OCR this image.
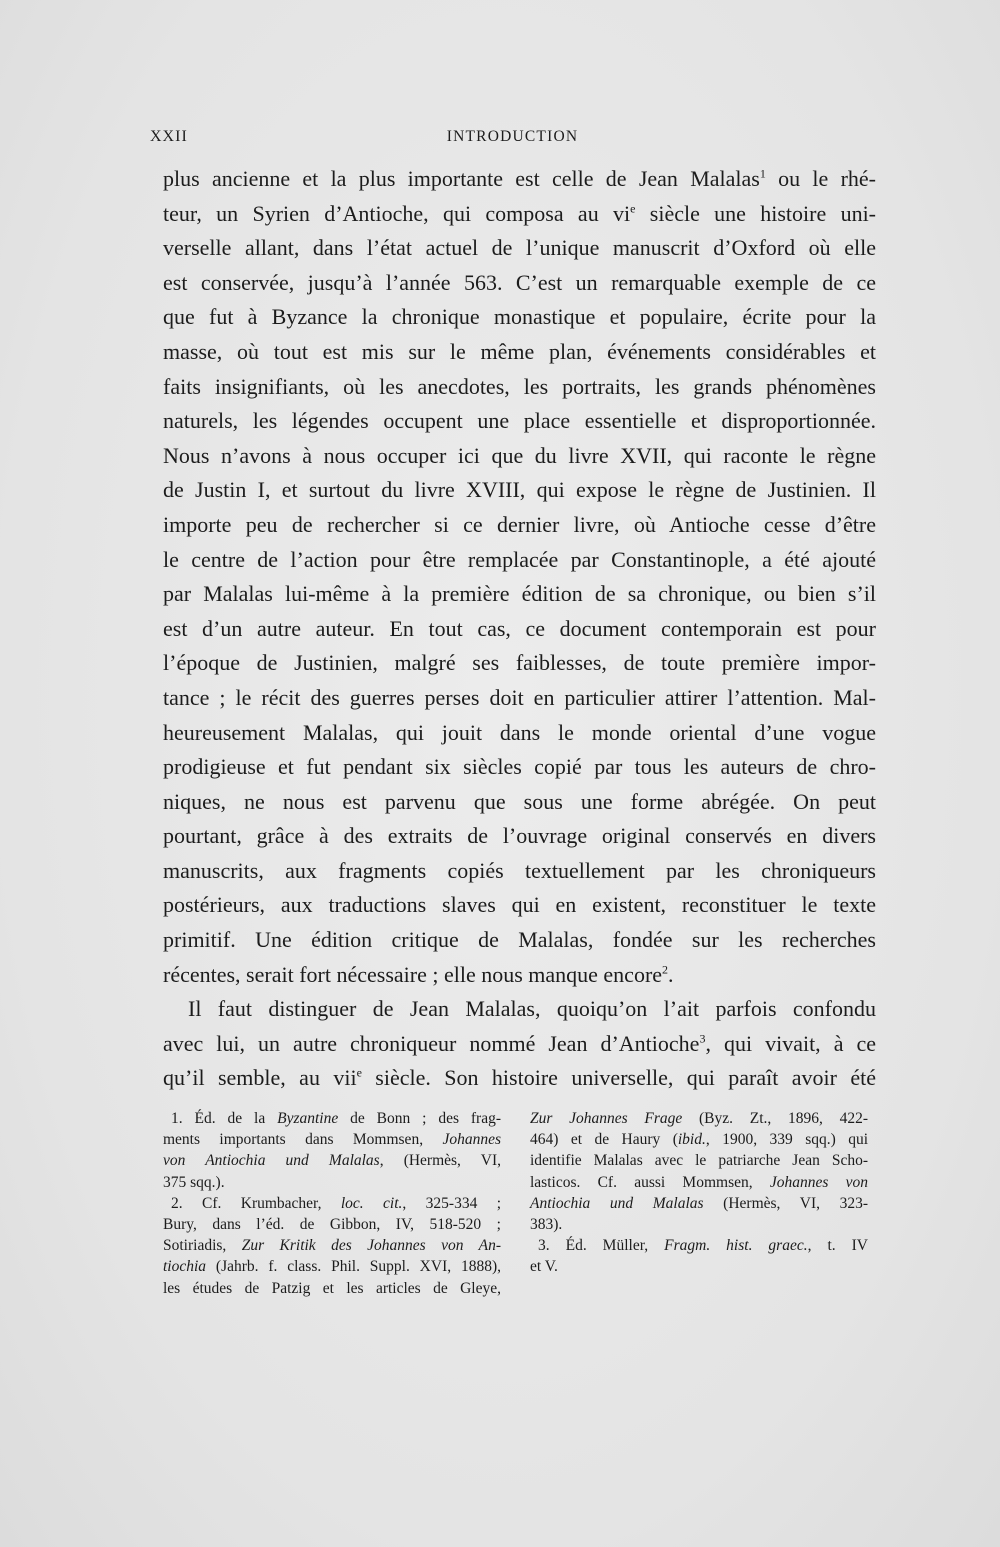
XXII	INTRODUCTION
plus ancienne et la plus importante est celle de Jean Malalas$^1$ ou le rhé-
teur, un Syrien d’Antioche, qui composa au vi$^e$ siècle une histoire uni-
verselle allant, dans l’état actuel de l’unique manuscrit d’Oxford où elle
est conservée, jusqu’à l’année 563. C’est un remarquable exemple de ce
que fut à Byzance la chronique monastique et populaire, écrite pour la
masse, où tout est mis sur le même plan, événements considérables et
faits insignifiants, où les anecdotes, les portraits, les grands phénomènes
naturels, les légendes occupent une place essentielle et disproportionnée.
Nous n’avons à nous occuper ici que du livre XVII, qui raconte le règne
de Justin I, et surtout du livre XVIII, qui expose le règne de Justinien. Il
importe peu de rechercher si ce dernier livre, où Antioche cesse d’être
le centre de l’action pour être remplacée par Constantinople, a été ajouté
par Malalas lui-même à la première édition de sa chronique, ou bien s’il
est d’un autre auteur. En tout cas, ce document contemporain est pour
l’époque de Justinien, malgré ses faiblesses, de toute première impor-
tance ; le récit des guerres perses doit en particulier attirer l’attention. Mal-
heureusement Malalas, qui jouit dans le monde oriental d’une vogue
prodigieuse et fut pendant six siècles copié par tous les auteurs de chro-
niques, ne nous est parvenu que sous une forme abrégée. On peut
pourtant, grâce à des extraits de l’ouvrage original conservés en divers
manuscrits, aux fragments copiés textuellement par les chroniqueurs
postérieurs, aux traductions slaves qui en existent, reconstituer le texte
primitif. Une édition critique de Malalas, fondée sur les recherches
récentes, serait fort nécessaire ; elle nous manque encore$^2$.
Il faut distinguer de Jean Malalas, quoiqu’on l’ait parfois confondu
avec lui, un autre chroniqueur nommé Jean d’Antioche$^3$, qui vivait, à ce
qu’il semble, au vii$^e$ siècle. Son histoire universelle, qui paraît avoir été
1. Éd. de la Byzantine de Bonn ; des frag-
ments importants dans Mommsen, Johannes
von Antiochia und Malalas, (Hermès, VI,
375 sqq.).
2. Cf. Krumbacher, loc. cit., 325-334 ;
Bury, dans l’éd. de Gibbon, IV, 518-520 ;
Sotiriadis, Zur Kritik des Johannes von An-
tiochia (Jahrb. f. class. Phil. Suppl. XVI, 1888),
les études de Patzig et les articles de Gleye,
Zur Johannes Frage (Byz. Zt., 1896, 422-
464) et de Haury (ibid., 1900, 339 sqq.) qui
identifie Malalas avec le patriarche Jean Scho-
lasticos. Cf. aussi Mommsen, Johannes von
Antiochia und Malalas (Hermès, VI, 323-
383).
3. Éd. Müller, Fragm. hist. graec., t. IV
et V.
